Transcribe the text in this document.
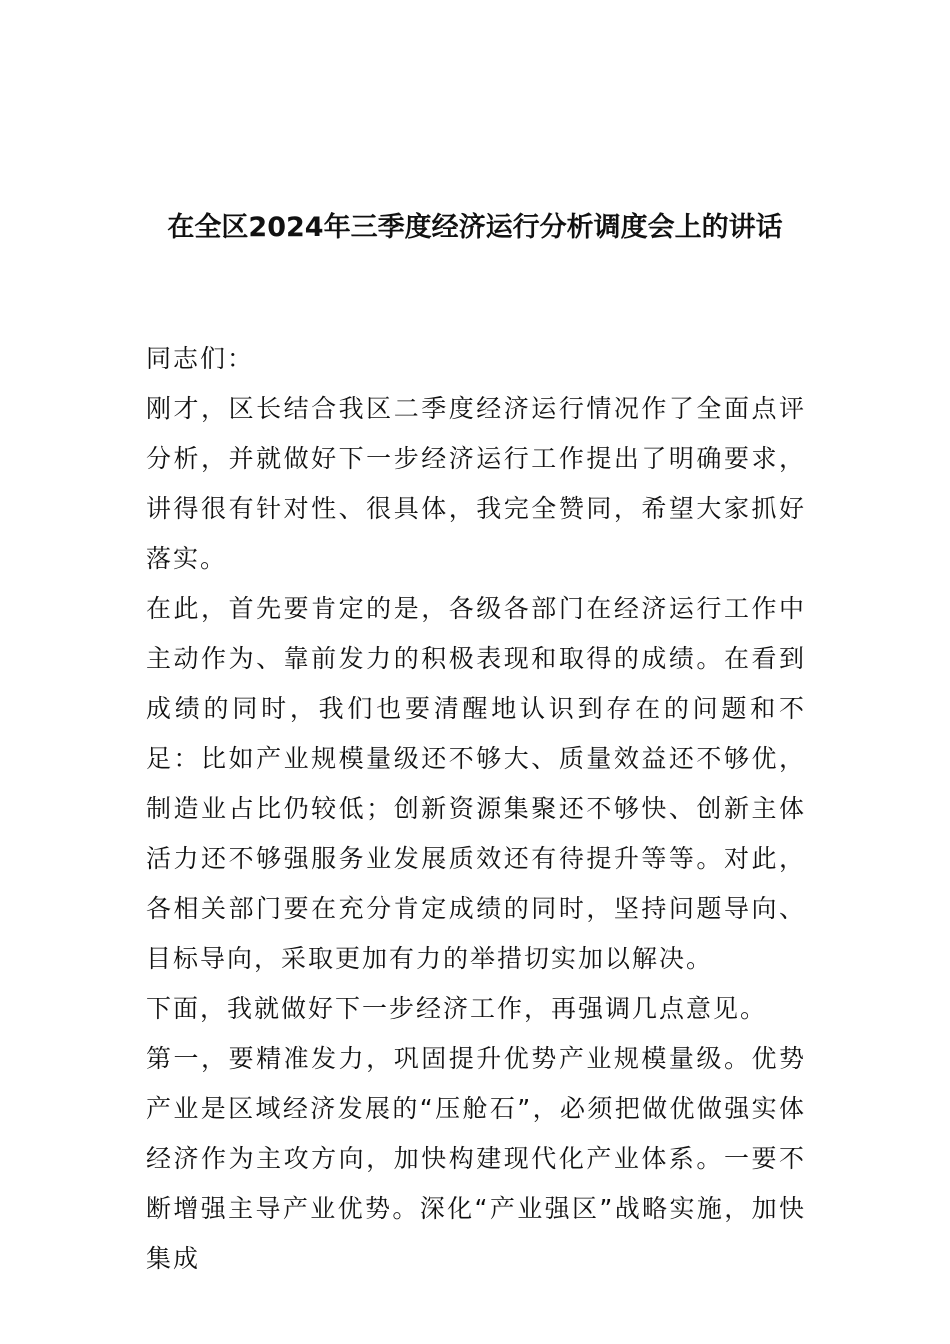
在全区2024年三季度经济运行分析调度会上的讲话

同志们：

刚才，区长结合我区二季度经济运行情况作了全面点评分析，并就做好下一步经济运行工作提出了明确要求，讲得很有针对性、很具体，我完全赞同，希望大家抓好落实。

在此，首先要肯定的是，各级各部门在经济运行工作中主动作为、靠前发力的积极表现和取得的成绩。在看到成绩的同时，我们也要清醒地认识到存在的问题和不足：比如产业规模量级还不够大、质量效益还不够优，制造业占比仍较低；创新资源集聚还不够快、创新主体活力还不够强服务业发展质效还有待提升等等。对此，各相关部门要在充分肯定成绩的同时，坚持问题导向、目标导向，采取更加有力的举措切实加以解决。

下面，我就做好下一步经济工作，再强调几点意见。

第一，要精准发力，巩固提升优势产业规模量级。优势产业是区域经济发展的“压舱石”，必须把做优做强实体经济作为主攻方向，加快构建现代化产业体系。一要不断增强主导产业优势。深化“产业强区”战略实施，加快集成
